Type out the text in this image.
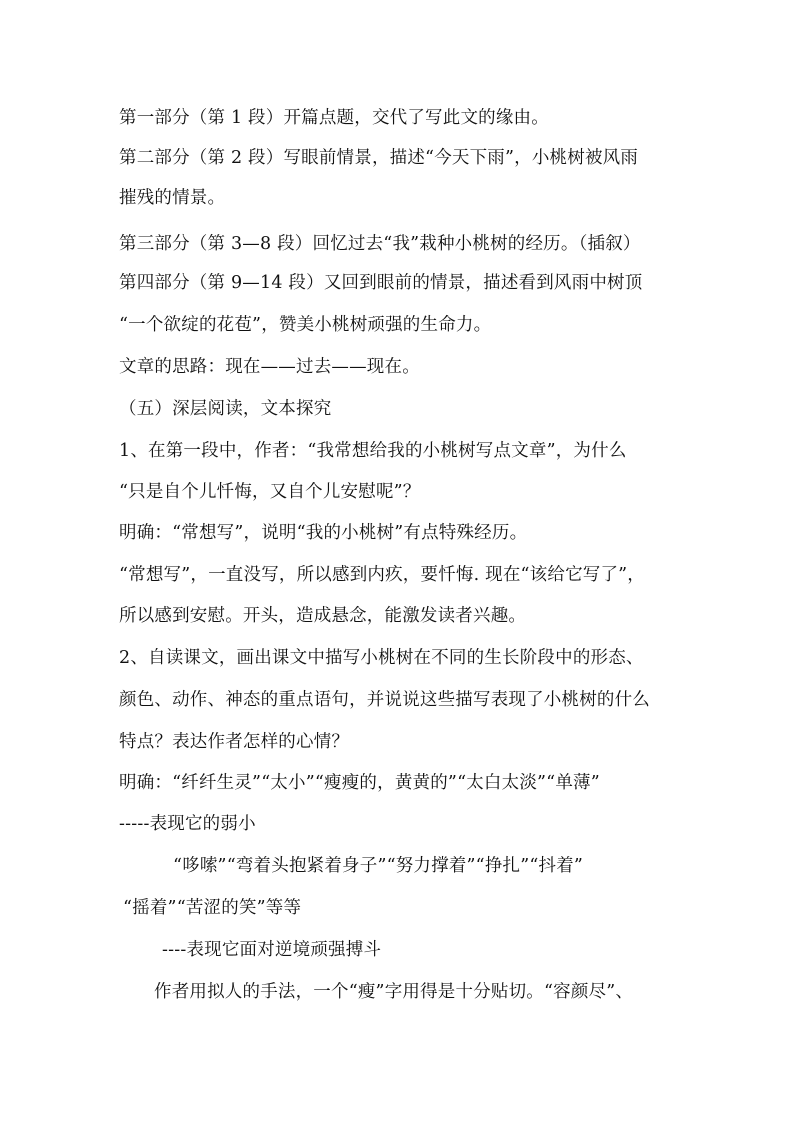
第一部分（第 1 段）开篇点题，交代了写此文的缘由。
第二部分（第 2 段）写眼前情景，描述“今天下雨”，小桃树被风雨
摧残的情景。
第三部分（第 3—8 段）回忆过去“我”栽种小桃树的经历。（插叙）
第四部分（第 9—14 段）又回到眼前的情景，描述看到风雨中树顶
“一个欲绽的花苞”，赞美小桃树顽强的生命力。
文章的思路：现在——过去——现在。
（五）深层阅读，文本探究
1、在第一段中，作者：“我常想给我的小桃树写点文章”，为什么
“只是自个儿忏悔，又自个儿安慰呢”？
明确：“常想写”，说明“我的小桃树”有点特殊经历。
“常想写”，一直没写，所以感到内疚，要忏悔. 现在“该给它写了”，
所以感到安慰。开头，造成悬念，能激发读者兴趣。
2、自读课文，画出课文中描写小桃树在不同的生长阶段中的形态、
颜色、动作、神态的重点语句，并说说这些描写表现了小桃树的什么
特点？表达作者怎样的心情？
明确：“纤纤生灵”“太小”“瘦瘦的，黄黄的”“太白太淡”“单薄”
-----表现它的弱小
“哆嗦”“弯着头抱紧着身子”“努力撑着”“挣扎”“抖着”
“摇着”“苦涩的笑”等等
----表现它面对逆境顽强搏斗
作者用拟人的手法，一个“瘦”字用得是十分贴切。“容颜尽”、
